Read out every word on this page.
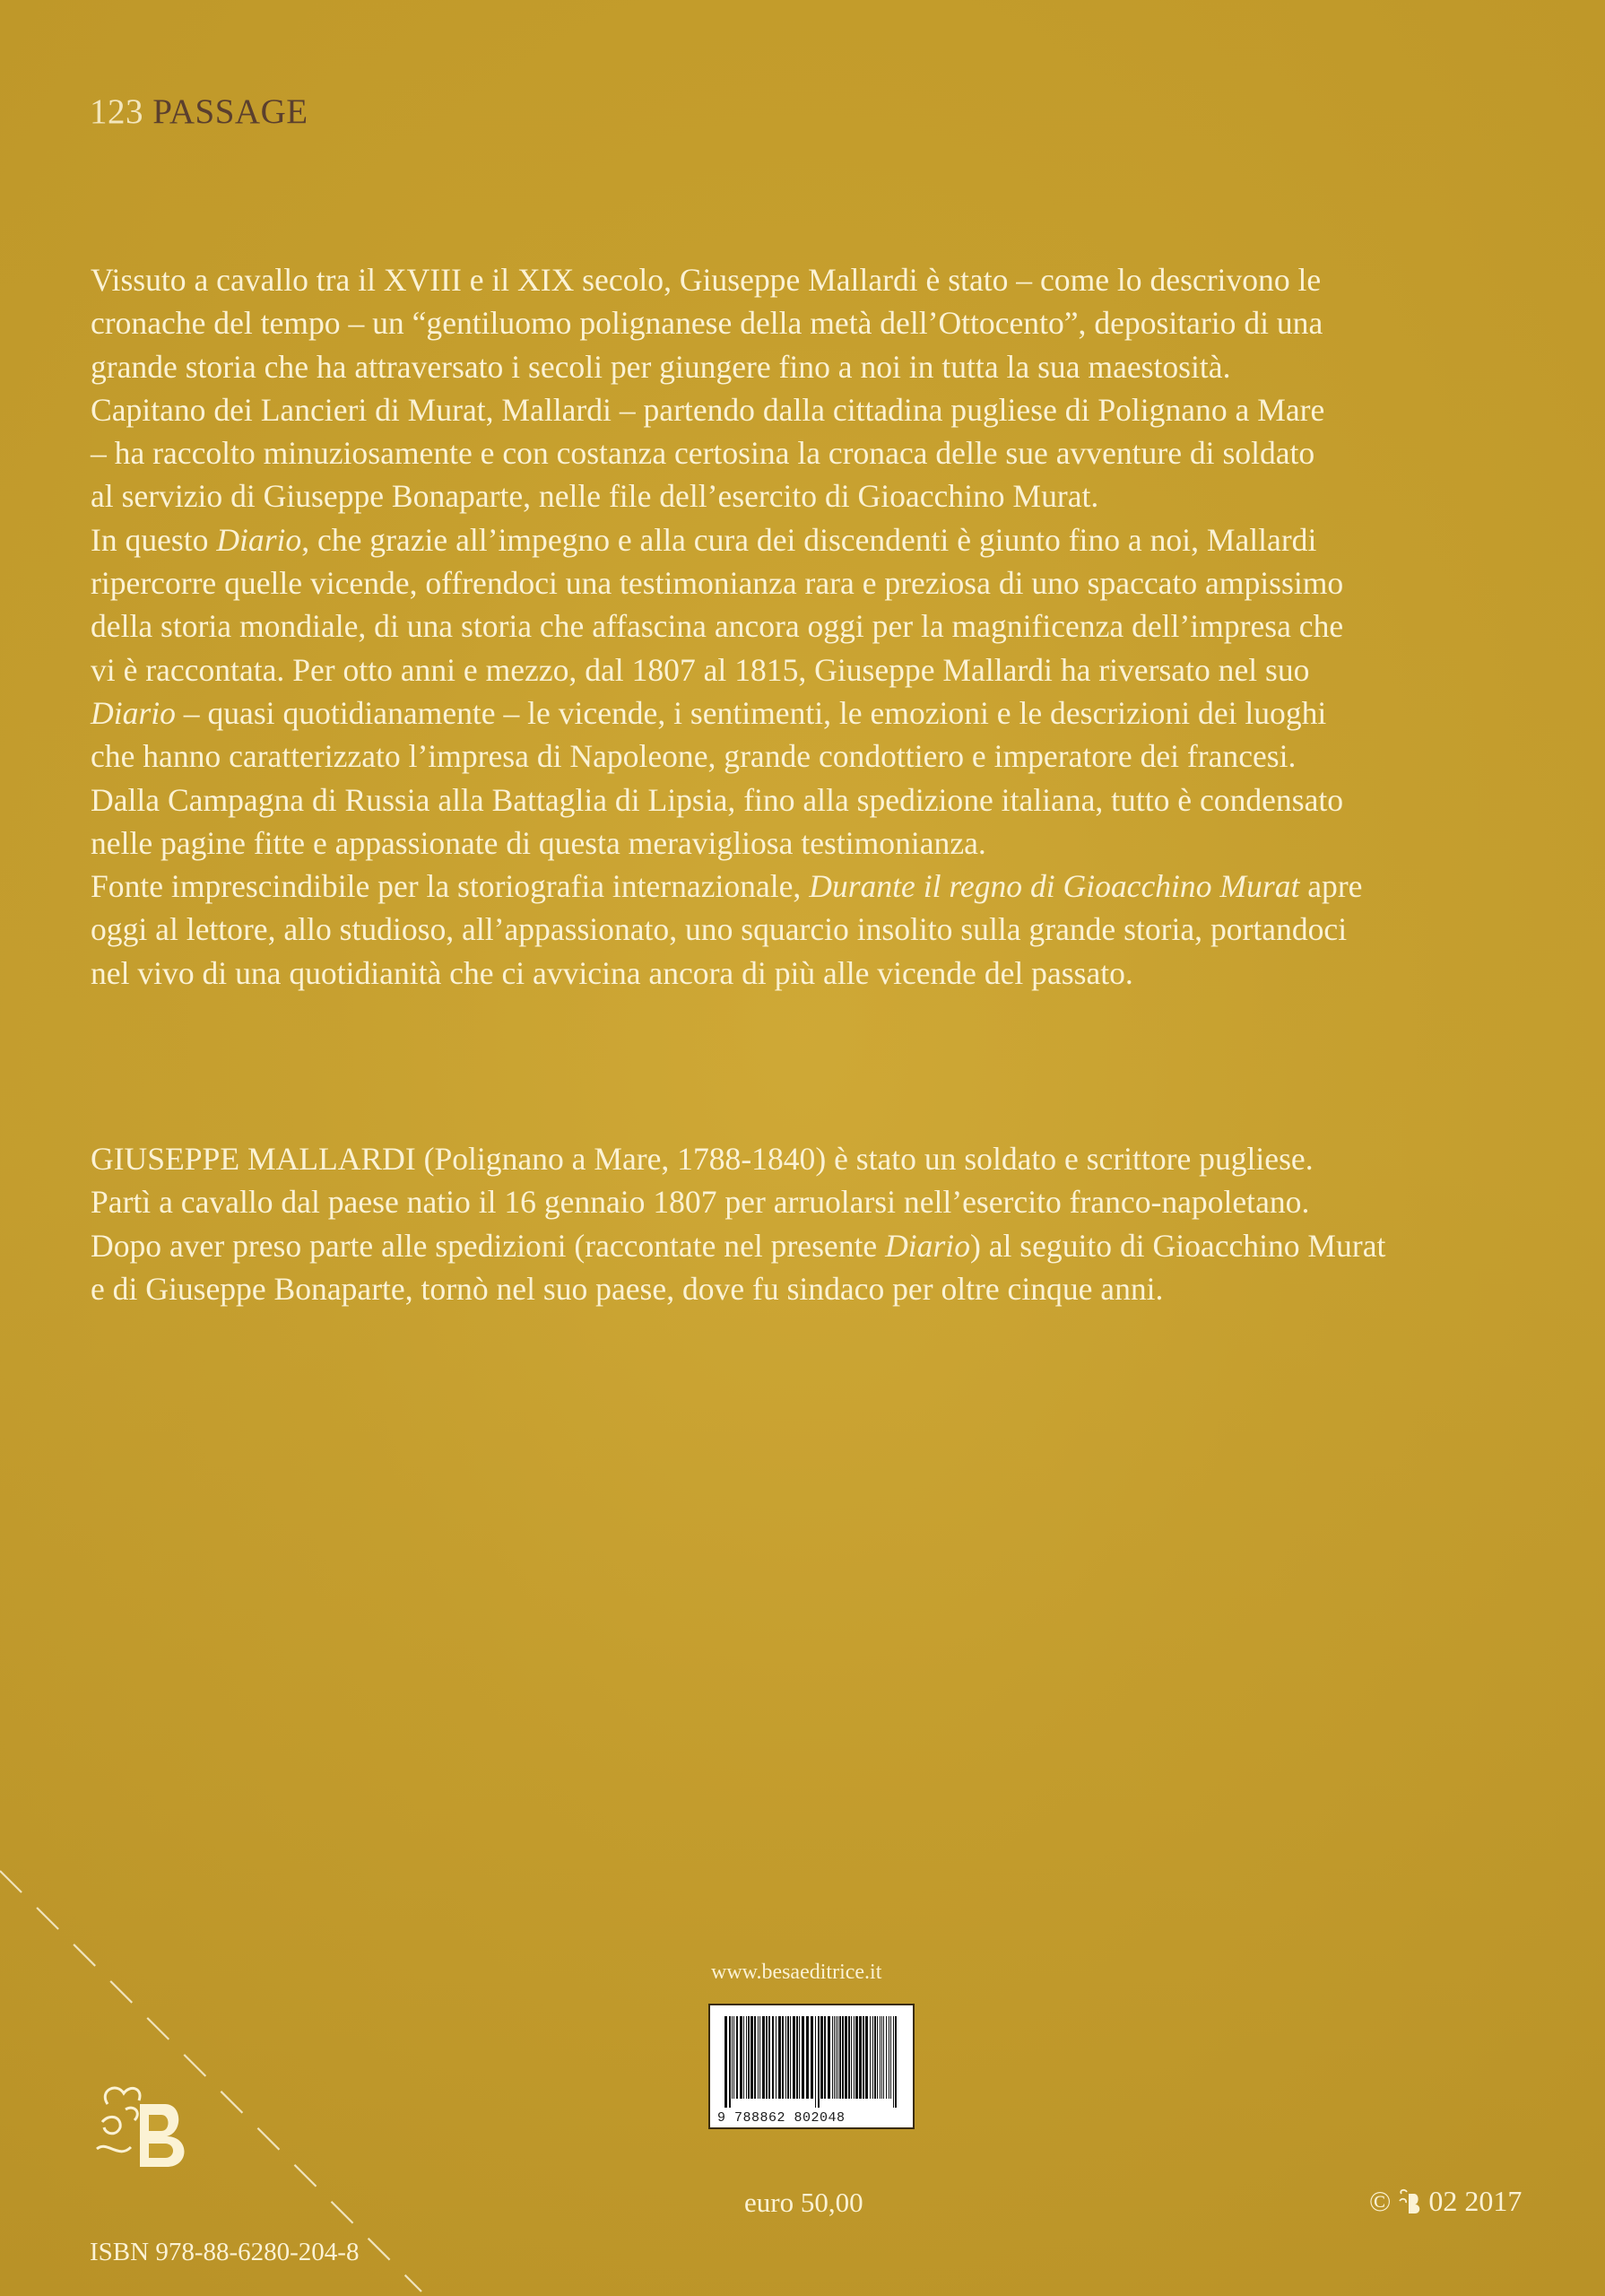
123 PASSAGE
Vissuto a cavallo tra il XVIII e il XIX secolo, Giuseppe Mallardi è stato – come lo descrivono le
cronache del tempo – un “gentiluomo polignanese della metà dell’Ottocento”, depositario di una
grande storia che ha attraversato i secoli per giungere fino a noi in tutta la sua maestosità.
Capitano dei Lancieri di Murat, Mallardi – partendo dalla cittadina pugliese di Polignano a Mare
– ha raccolto minuziosamente e con costanza certosina la cronaca delle sue avventure di soldato
al servizio di Giuseppe Bonaparte, nelle file dell’esercito di Gioacchino Murat.
In questo Diario, che grazie all’impegno e alla cura dei discendenti è giunto fino a noi, Mallardi
ripercorre quelle vicende, offrendoci una testimonianza rara e preziosa di uno spaccato ampissimo
della storia mondiale, di una storia che affascina ancora oggi per la magnificenza dell’impresa che
vi è raccontata. Per otto anni e mezzo, dal 1807 al 1815, Giuseppe Mallardi ha riversato nel suo
Diario – quasi quotidianamente – le vicende, i sentimenti, le emozioni e le descrizioni dei luoghi
che hanno caratterizzato l’impresa di Napoleone, grande condottiero e imperatore dei francesi.
Dalla Campagna di Russia alla Battaglia di Lipsia, fino alla spedizione italiana, tutto è condensato
nelle pagine fitte e appassionate di questa meravigliosa testimonianza.
Fonte imprescindibile per la storiografia internazionale, Durante il regno di Gioacchino Murat apre
oggi al lettore, allo studioso, all’appassionato, uno squarcio insolito sulla grande storia, portandoci
nel vivo di una quotidianità che ci avvicina ancora di più alle vicende del passato.
GIUSEPPE MALLARDI (Polignano a Mare, 1788-1840) è stato un soldato e scrittore pugliese.
Partì a cavallo dal paese natio il 16 gennaio 1807 per arruolarsi nell’esercito franco-napoletano.
Dopo aver preso parte alle spedizioni (raccontate nel presente Diario) al seguito di Gioacchino Murat
e di Giuseppe Bonaparte, tornò nel suo paese, dove fu sindaco per oltre cinque anni.
www.besaeditrice.it
9 788862 802048
euro 50,00	© 02 2017
ISBN 978-88-6280-204-8
